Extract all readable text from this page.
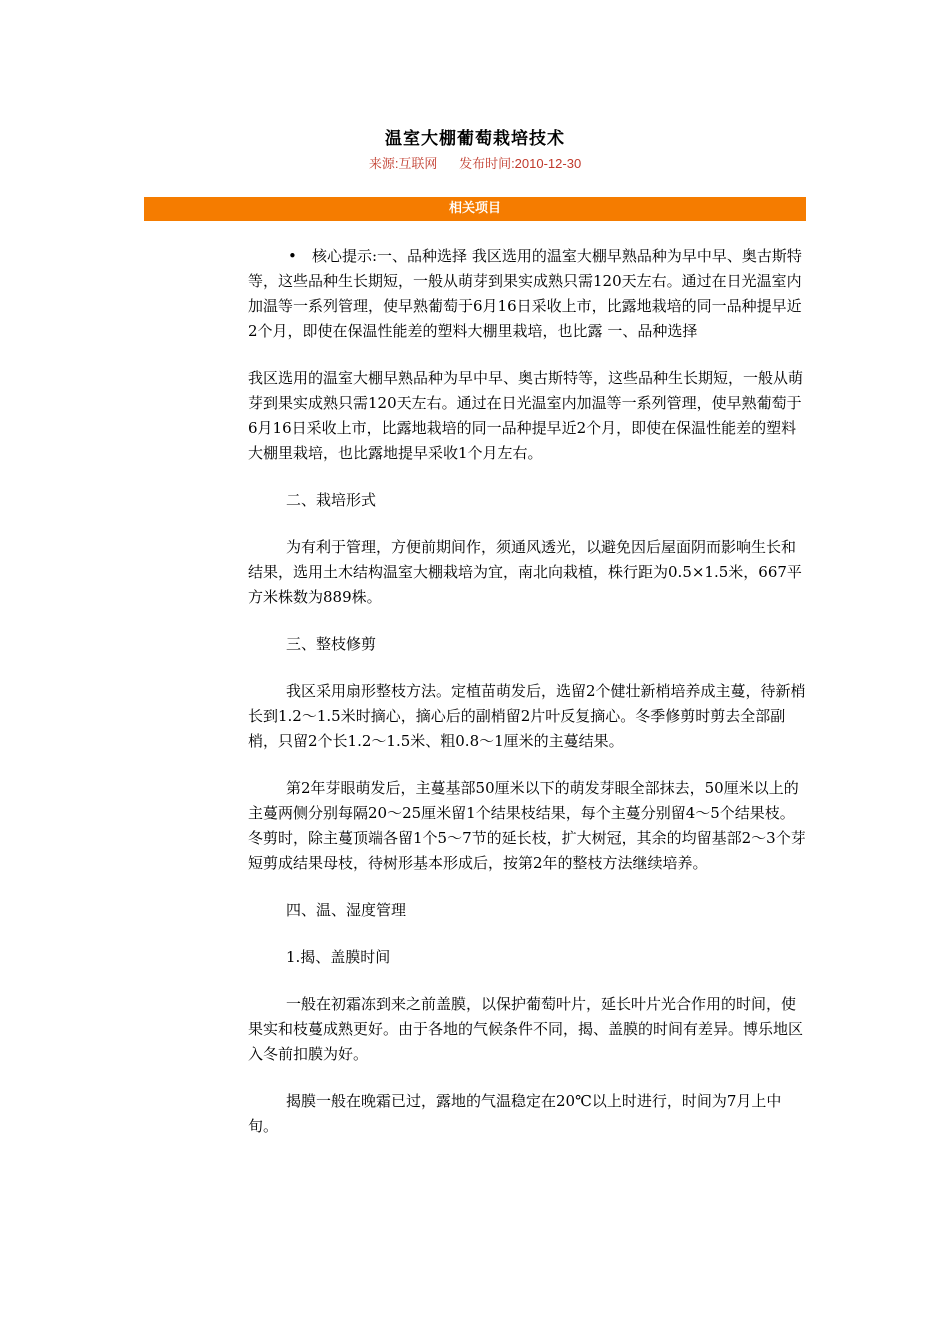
温室大棚葡萄栽培技术
来源:互联网 发布时间:2010-12-30
相关项目

• 核心提示:一、品种选择 我区选用的温室大棚早熟品种为早中早、奥古斯特等，这些品种生长期短，一般从萌芽到果实成熟只需120天左右。通过在日光温室内加温等一系列管理，使早熟葡萄于6月16日采收上市，比露地栽培的同一品种提早近2个月，即使在保温性能差的塑料大棚里栽培，也比露 一、品种选择

我区选用的温室大棚早熟品种为早中早、奥古斯特等，这些品种生长期短，一般从萌芽到果实成熟只需120天左右。通过在日光温室内加温等一系列管理，使早熟葡萄于6月16日采收上市，比露地栽培的同一品种提早近2个月，即使在保温性能差的塑料大棚里栽培，也比露地提早采收1个月左右。

二、栽培形式

为有利于管理，方便前期间作，须通风透光，以避免因后屋面阴而影响生长和结果，选用土木结构温室大棚栽培为宜，南北向栽植，株行距为0.5×1.5米，667平方米株数为889株。

三、整枝修剪

我区采用扇形整枝方法。定植苗萌发后，选留2个健壮新梢培养成主蔓，待新梢长到1.2～1.5米时摘心，摘心后的副梢留2片叶反复摘心。冬季修剪时剪去全部副梢，只留2个长1.2～1.5米、粗0.8～1厘米的主蔓结果。

第2年芽眼萌发后，主蔓基部50厘米以下的萌发芽眼全部抹去，50厘米以上的主蔓两侧分别每隔20～25厘米留1个结果枝结果，每个主蔓分别留4～5个结果枝。冬剪时，除主蔓顶端各留1个5～7节的延长枝，扩大树冠，其余的均留基部2～3个芽短剪成结果母枝，待树形基本形成后，按第2年的整枝方法继续培养。

四、温、湿度管理

1.揭、盖膜时间

一般在初霜冻到来之前盖膜，以保护葡萄叶片，延长叶片光合作用的时间，使果实和枝蔓成熟更好。由于各地的气候条件不同，揭、盖膜的时间有差异。博乐地区入冬前扣膜为好。

揭膜一般在晚霜已过，露地的气温稳定在20℃以上时进行，时间为7月上中旬。
